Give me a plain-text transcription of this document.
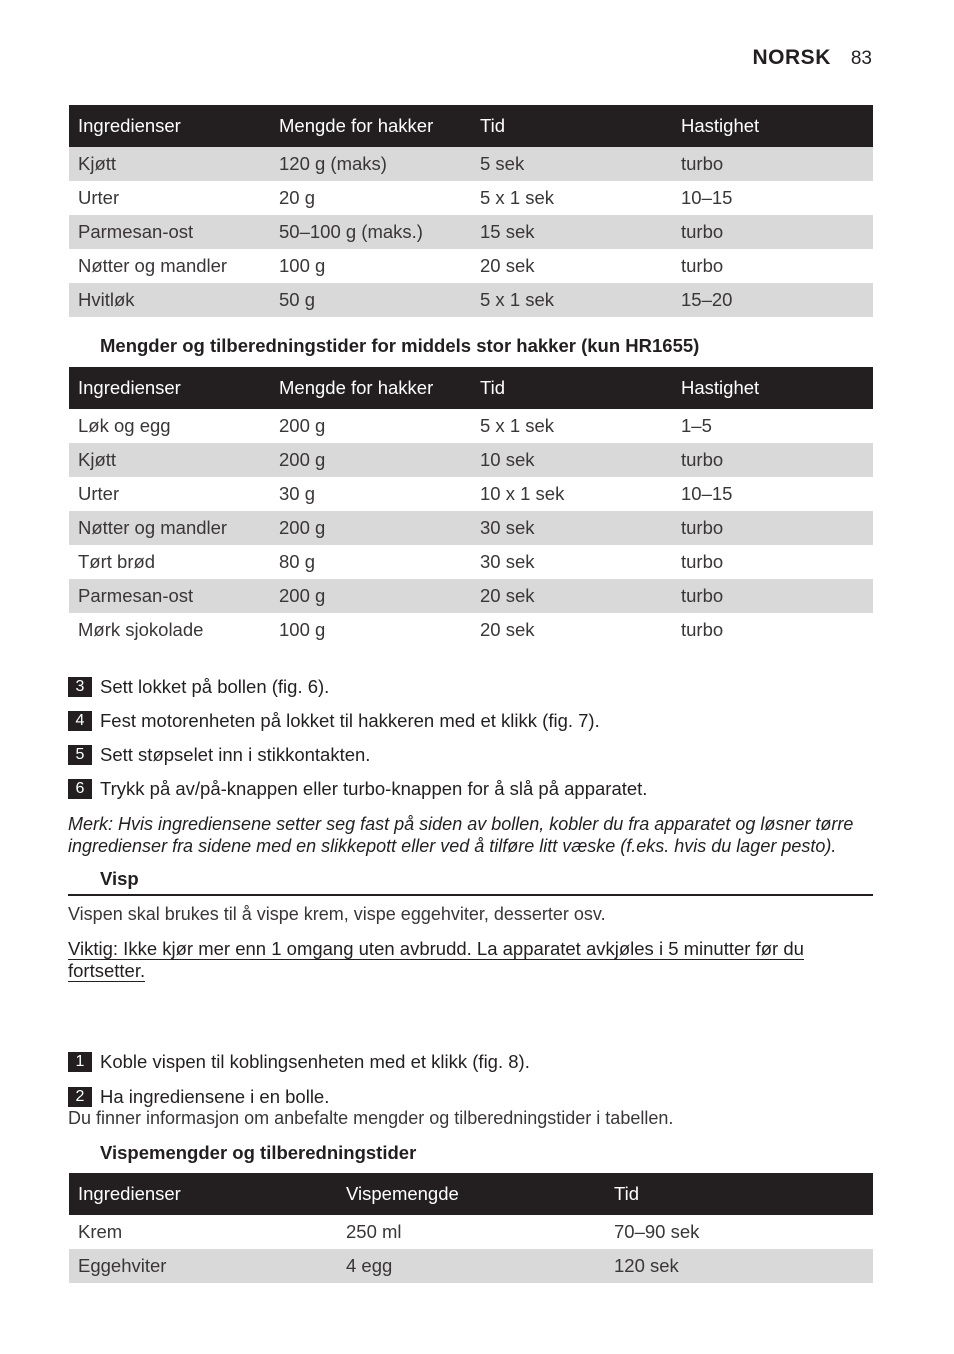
NORSK 83
Ingredienser	Mengde for hakker	Tid	Hastighet
Kjøtt	120 g (maks)	5 sek	turbo
Urter	20 g	5 x 1 sek	10–15
Parmesan-ost	50–100 g (maks.)	15 sek	turbo
Nøtter og mandler	100 g	20 sek	turbo
Hvitløk	50 g	5 x 1 sek	15–20
Mengder og tilberedningstider for middels stor hakker (kun HR1655)
Ingredienser	Mengde for hakker	Tid	Hastighet
Løk og egg	200 g	5 x 1 sek	1–5
Kjøtt	200 g	10 sek	turbo
Urter	30 g	10 x 1 sek	10–15
Nøtter og mandler	200 g	30 sek	turbo
Tørt brød	80 g	30 sek	turbo
Parmesan-ost	200 g	20 sek	turbo
Mørk sjokolade	100 g	20 sek	turbo
3 Sett lokket på bollen (fig. 6).
4 Fest motorenheten på lokket til hakkeren med et klikk (fig. 7).
5 Sett støpselet inn i stikkontakten.
6 Trykk på av/på-knappen eller turbo-knappen for å slå på apparatet.
Merk: Hvis ingrediensene setter seg fast på siden av bollen, kobler du fra apparatet og løsner tørre ingredienser fra sidene med en slikkepott eller ved å tilføre litt væske (f.eks. hvis du lager pesto).
Visp
Vispen skal brukes til å vispe krem, vispe eggehviter, desserter osv.
Viktig: Ikke kjør mer enn 1 omgang uten avbrudd. La apparatet avkjøles i 5 minutter før du fortsetter.
1 Koble vispen til koblingsenheten med et klikk (fig. 8).
2 Ha ingrediensene i en bolle.
Du finner informasjon om anbefalte mengder og tilberedningstider i tabellen.
Vispemengder og tilberedningstider
Ingredienser	Vispemengde	Tid
Krem	250 ml	70–90 sek
Eggehviter	4 egg	120 sek
